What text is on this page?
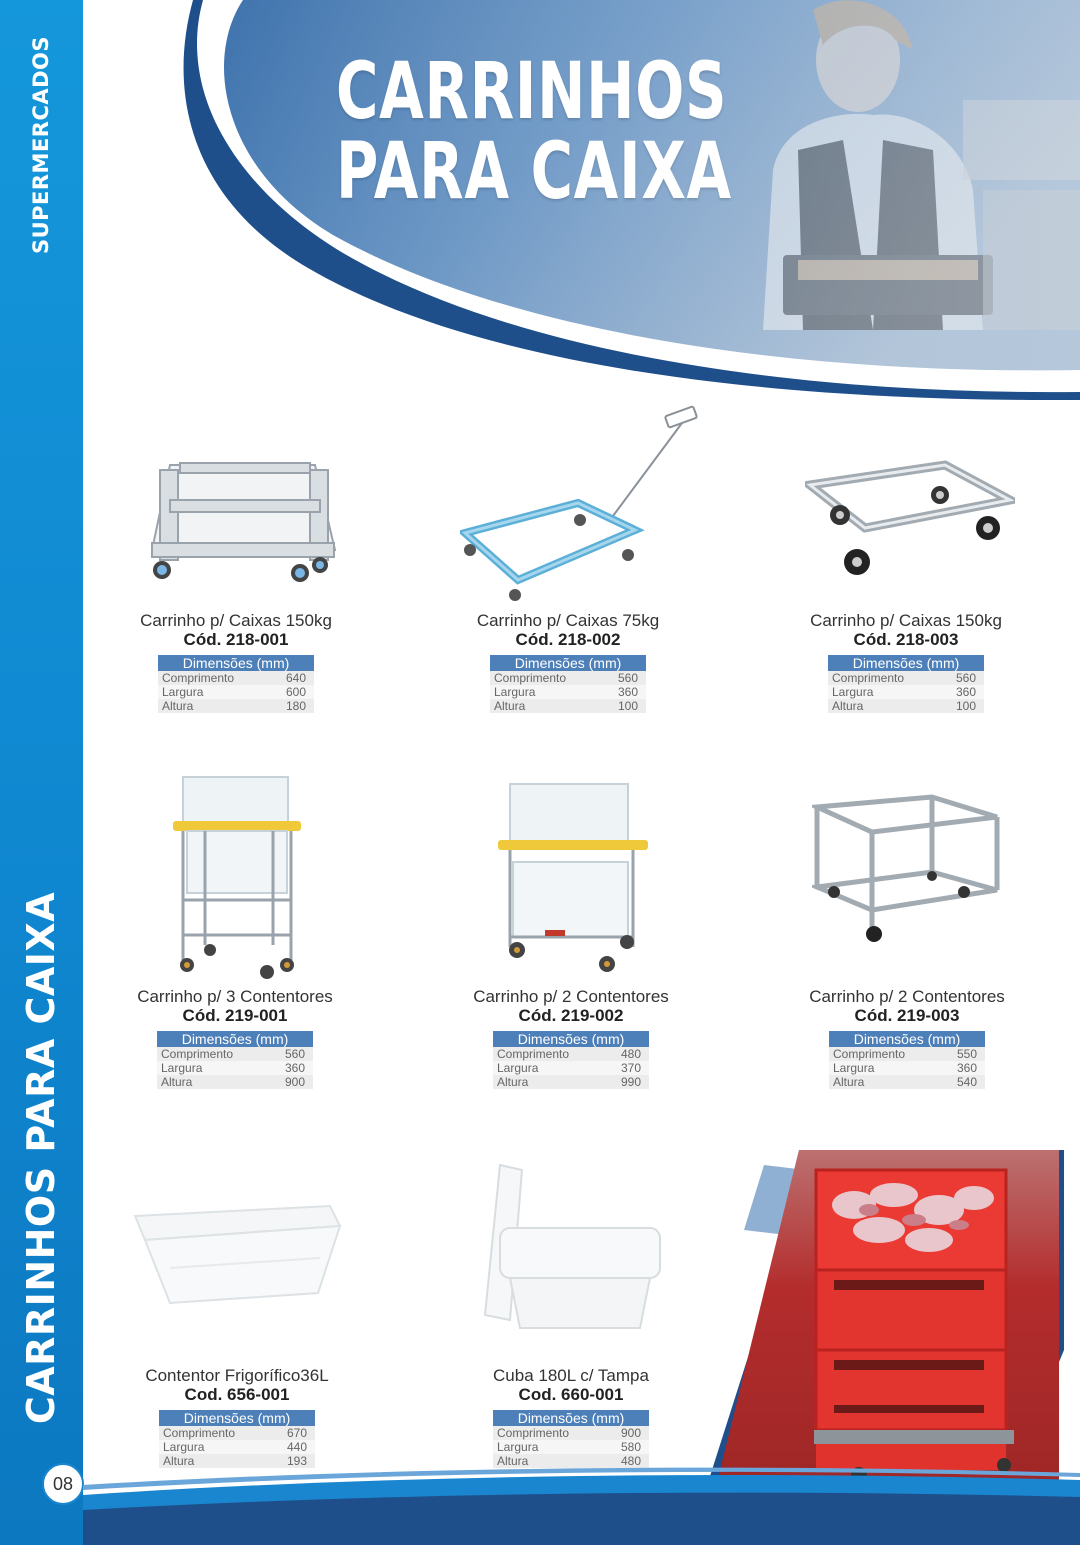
SUPERMERCADOS
CARRINHOS PARA CAIXA
08
CARRINHOS
PARA CAIXA
Carrinho p/ Caixas 150kg
Cód. 218-001
Dimensões (mm)	
Comprimento	640
Largura	600
Altura	180
Carrinho p/ Caixas 75kg
Cód. 218-002
Dimensões (mm)	
Comprimento	560
Largura	360
Altura	100
Carrinho p/ Caixas 150kg
Cód. 218-003
Dimensões (mm)	
Comprimento	560
Largura	360
Altura	100
Carrinho p/ 3 Contentores
Cód. 219-001
Dimensões (mm)	
Comprimento	560
Largura	360
Altura	900
Carrinho p/ 2 Contentores
Cód. 219-002
Dimensões (mm)	
Comprimento	480
Largura	370
Altura	990
Carrinho p/ 2 Contentores
Cód. 219-003
Dimensões (mm)	
Comprimento	550
Largura	360
Altura	540
Contentor Frigorífico36L
Cod. 656-001
Dimensões (mm)	
Comprimento	670
Largura	440
Altura	193
Cuba 180L c/ Tampa
Cod. 660-001
Dimensões (mm)	
Comprimento	900
Largura	580
Altura	480
